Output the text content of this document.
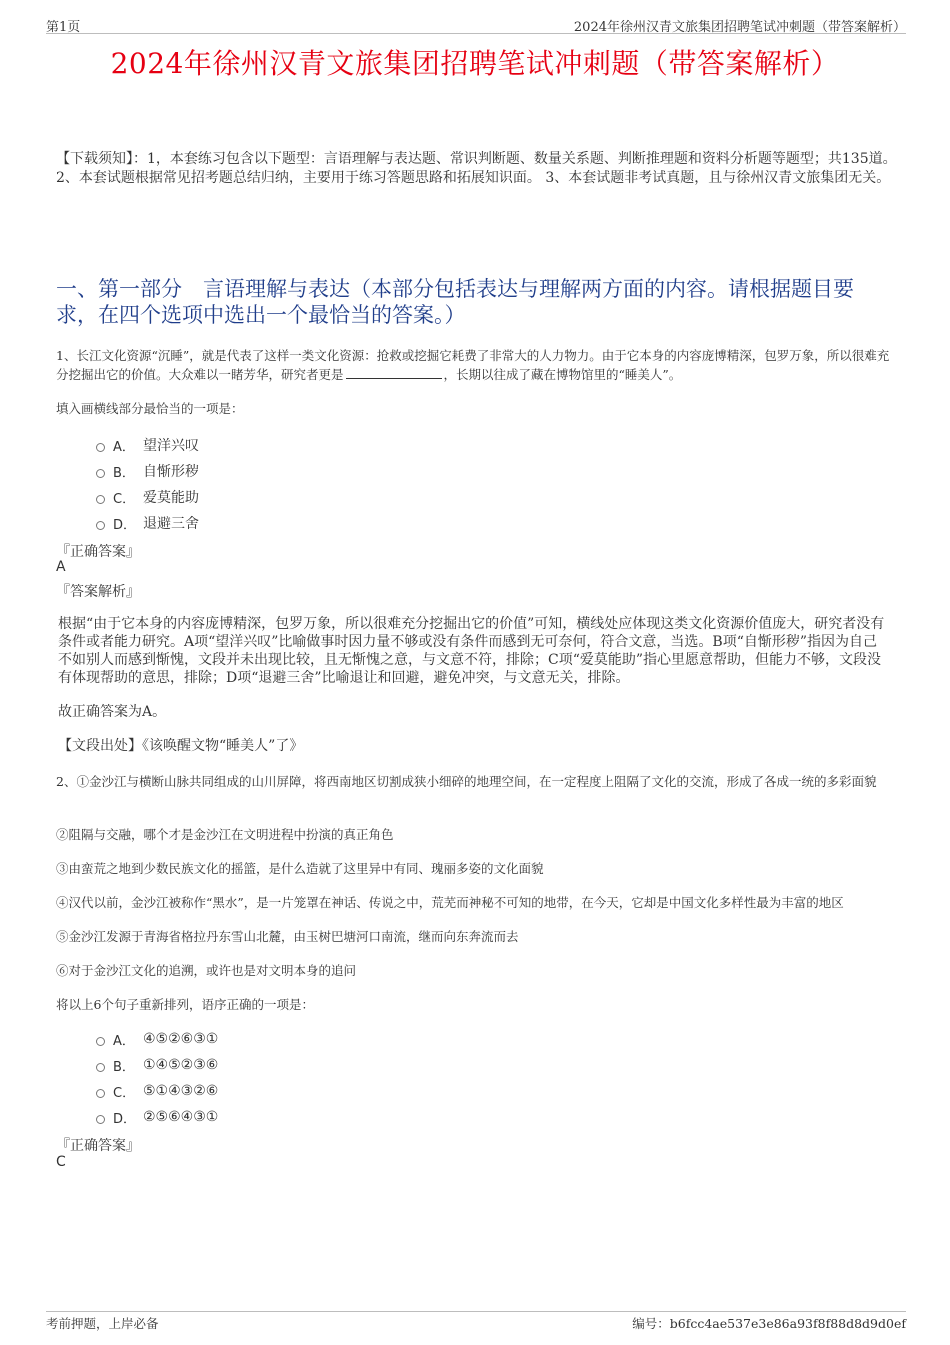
第1页	2024年徐州汉青文旅集团招聘笔试冲刺题（带答案解析）
2024年徐州汉青文旅集团招聘笔试冲刺题（带答案解析）
【下载须知】：1，本套练习包含以下题型：言语理解与表达题、常识判断题、数量关系题、判断推理题和资料分析题等题型；共135道。 2、本套试题根据常见招考题总结归纳，主要用于练习答题思路和拓展知识面。 3、本套试题非考试真题，且与徐州汉青文旅集团无关。
一、第一部分　言语理解与表达（本部分包括表达与理解两方面的内容。请根据题目要求，在四个选项中选出一个最恰当的答案。）
1、长江文化资源“沉睡”，就是代表了这样一类文化资源：抢救或挖掘它耗费了非常大的人力物力。由于它本身的内容庞博精深，包罗万象，所以很难充分挖掘出它的价值。大众难以一睹芳华，研究者更是	，长期以往成了藏在博物馆里的“睡美人”。
填入画横线部分最恰当的一项是：
A． 望洋兴叹
B． 自惭形秽
C． 爱莫能助
D． 退避三舍
『正确答案』
A
『答案解析』
根据“由于它本身的内容庞博精深，包罗万象，所以很难充分挖掘出它的价值”可知，横线处应体现这类文化资源价值庞大，研究者没有条件或者能力研究。A项“望洋兴叹”比喻做事时因力量不够或没有条件而感到无可奈何，符合文意，当选。B项“自惭形秽”指因为自己不如别人而感到惭愧，文段并未出现比较，且无惭愧之意，与文意不符，排除；C项“爱莫能助”指心里愿意帮助，但能力不够，文段没有体现帮助的意思，排除；D项“退避三舍”比喻退让和回避，避免冲突，与文意无关，排除。
故正确答案为A。
【文段出处】《该唤醒文物“睡美人”了》
2、①金沙江与横断山脉共同组成的山川屏障，将西南地区切割成狭小细碎的地理空间，在一定程度上阻隔了文化的交流，形成了各成一统的多彩面貌
②阻隔与交融，哪个才是金沙江在文明进程中扮演的真正角色
③由蛮荒之地到少数民族文化的摇篮，是什么造就了这里异中有同、瑰丽多姿的文化面貌
④汉代以前，金沙江被称作“黑水”，是一片笼罩在神话、传说之中，荒芜而神秘不可知的地带，在今天，它却是中国文化多样性最为丰富的地区
⑤金沙江发源于青海省格拉丹东雪山北麓，由玉树巴塘河口南流，继而向东奔流而去
⑥对于金沙江文化的追溯，或许也是对文明本身的追问
将以上6个句子重新排列，语序正确的一项是：
A． ④⑤②⑥③①
B． ①④⑤②③⑥
C． ⑤①④③②⑥
D． ②⑤⑥④③①
『正确答案』
C
考前押题，上岸必备	编号：b6fcc4ae537e3e86a93f8f88d8d9d0ef
